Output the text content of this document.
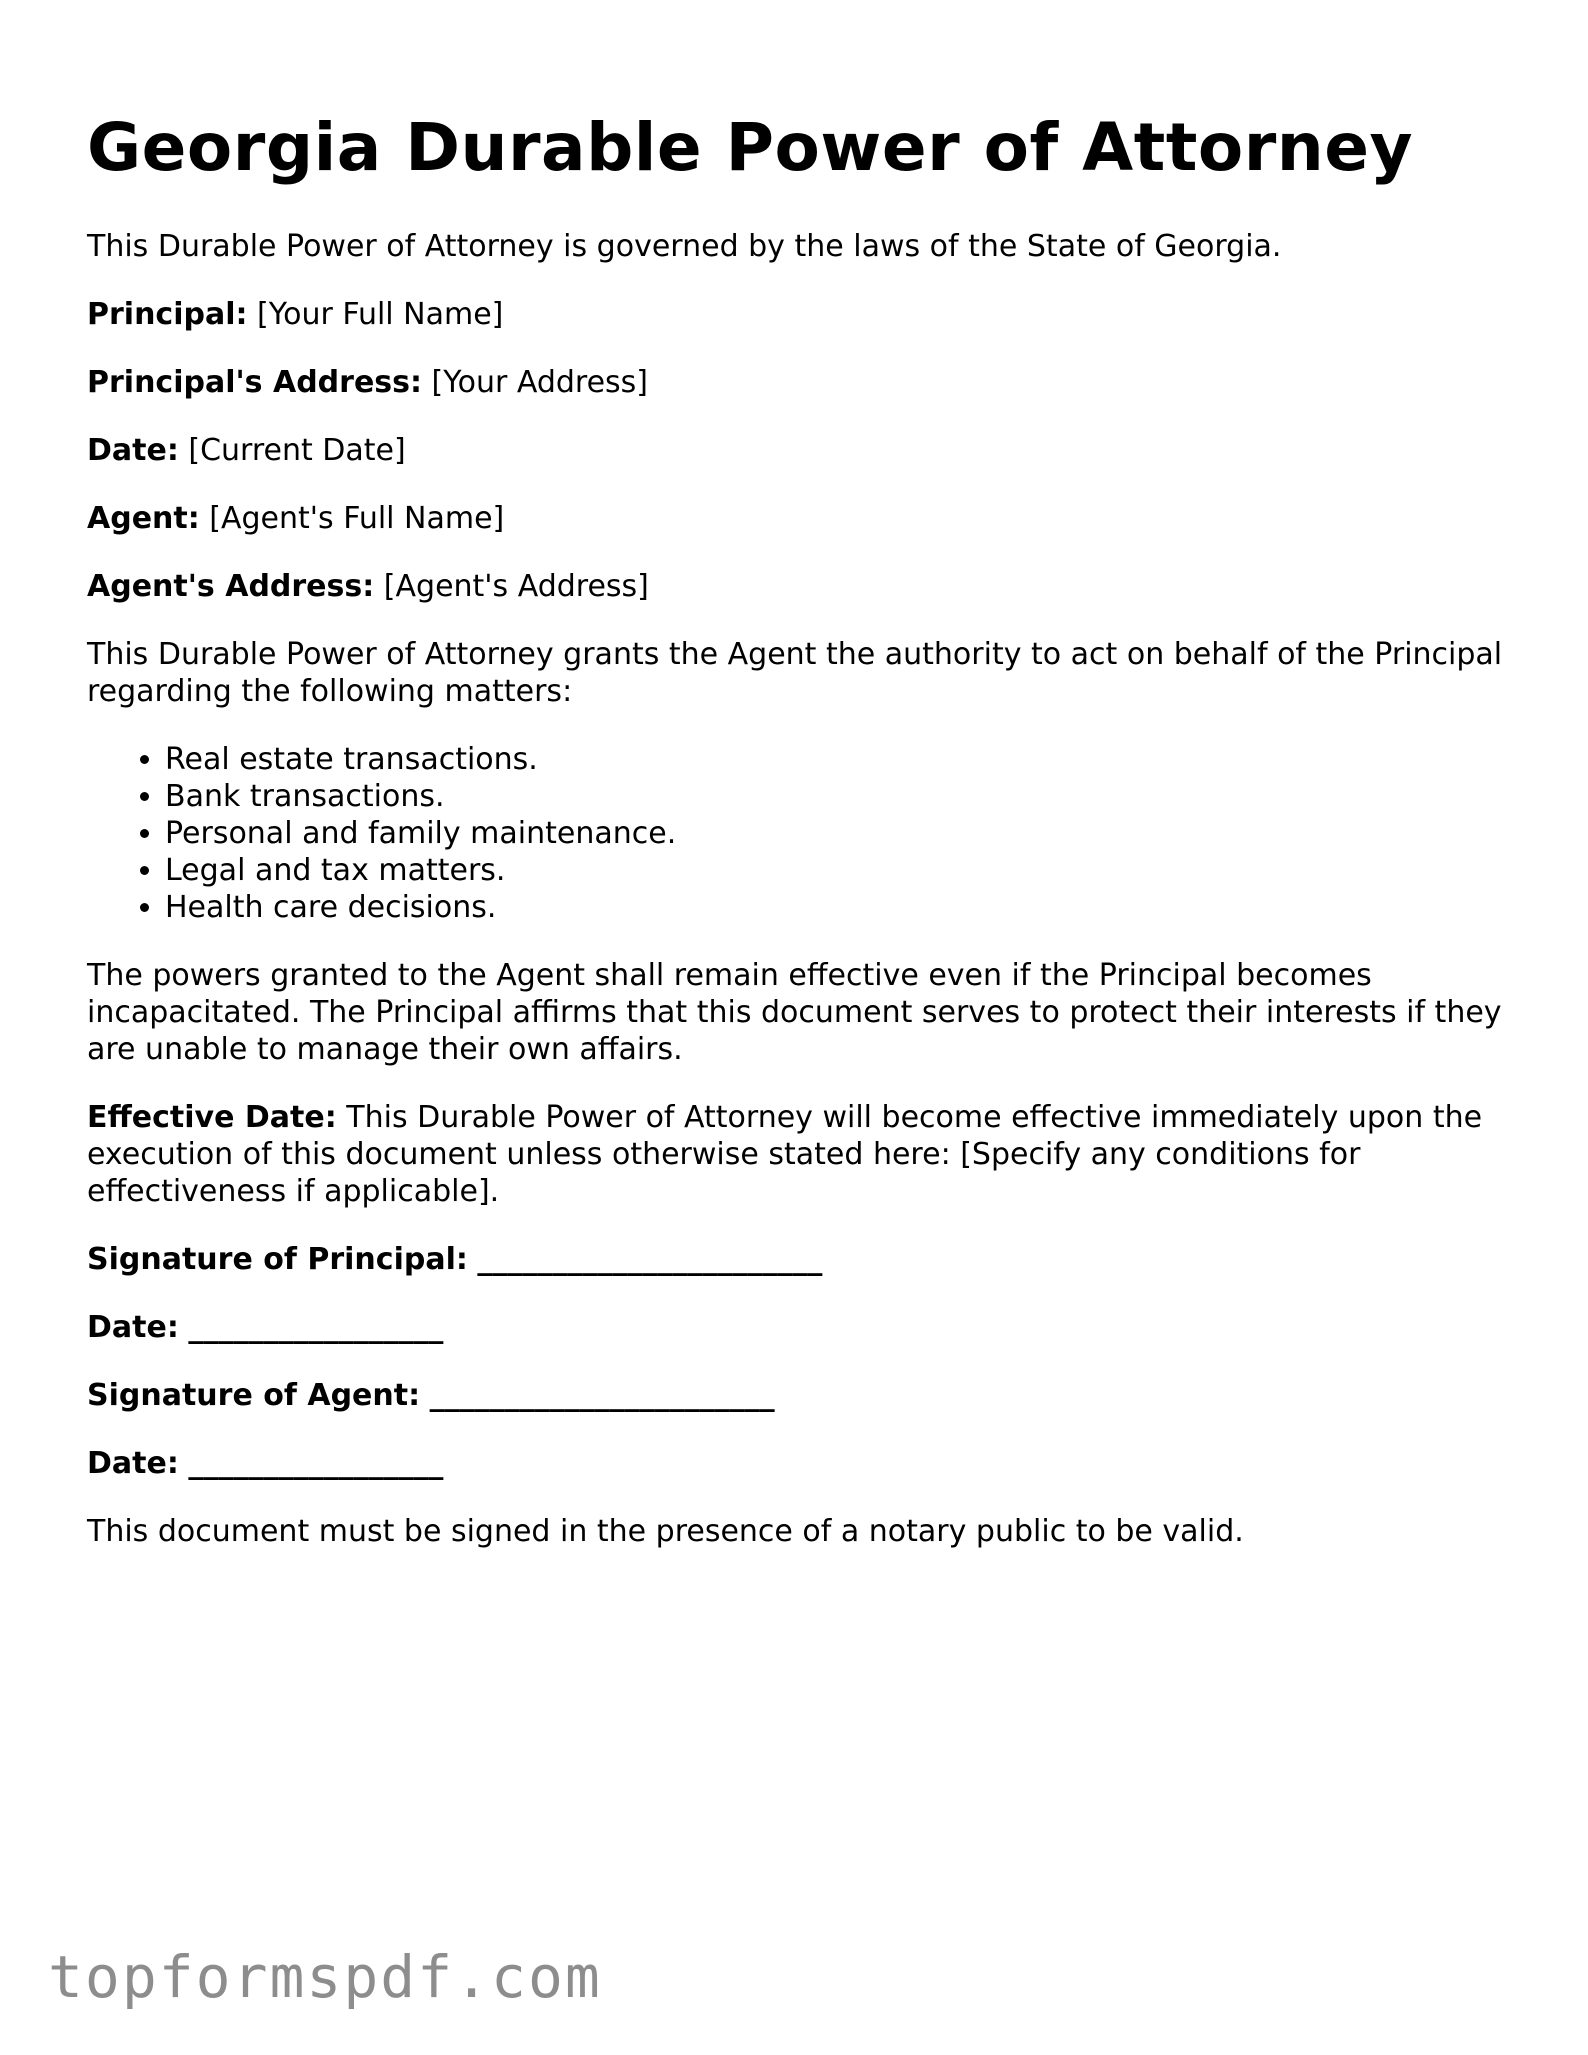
Georgia Durable Power of Attorney

This Durable Power of Attorney is governed by the laws of the State of Georgia.

Principal: [Your Full Name]

Principal's Address: [Your Address]

Date: [Current Date]

Agent: [Agent's Full Name]

Agent's Address: [Agent's Address]

This Durable Power of Attorney grants the Agent the authority to act on behalf of the Principal regarding the following matters:

• Real estate transactions.
• Bank transactions.
• Personal and family maintenance.
• Legal and tax matters.
• Health care decisions.

The powers granted to the Agent shall remain effective even if the Principal becomes incapacitated. The Principal affirms that this document serves to protect their interests if they are unable to manage their own affairs.

Effective Date: This Durable Power of Attorney will become effective immediately upon the execution of this document unless otherwise stated here: [Specify any conditions for effectiveness if applicable].

Signature of Principal: _______________________

Date: _________________

Signature of Agent: _______________________

Date: _________________

This document must be signed in the presence of a notary public to be valid.

topformspdf.com
